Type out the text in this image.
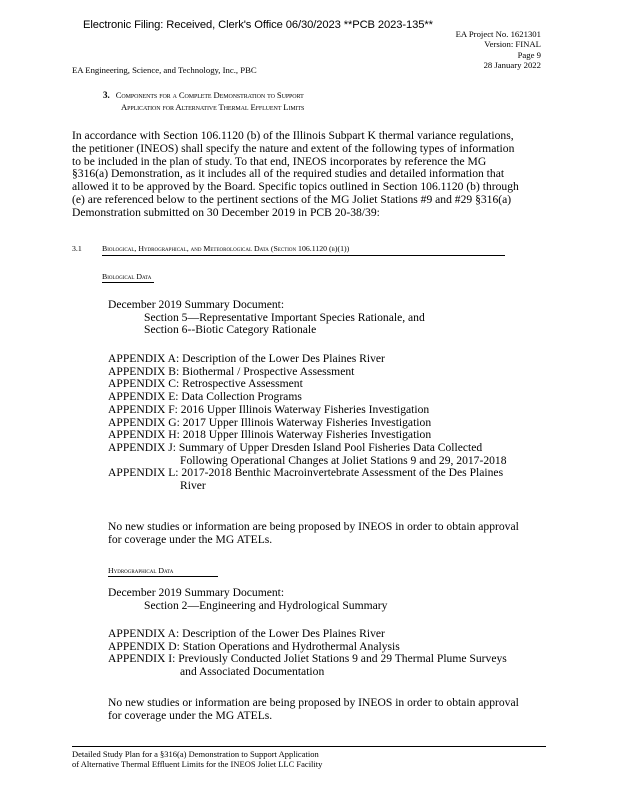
Electronic Filing: Received, Clerk's Office 06/30/2023 **PCB 2023-135**
EA Project No. 1621301
Version: FINAL
Page 9
28 January 2022
EA Engineering, Science, and Technology, Inc., PBC
3. Components for a Complete Demonstration to Support
Application for Alternative Thermal Effluent Limits
In accordance with Section 106.1120 (b) of the Illinois Subpart K thermal variance regulations,
the petitioner (INEOS) shall specify the nature and extent of the following types of information
to be included in the plan of study. To that end, INEOS incorporates by reference the MG
§316(a) Demonstration, as it includes all of the required studies and detailed information that
allowed it to be approved by the Board. Specific topics outlined in Section 106.1120 (b) through
(e) are referenced below to the pertinent sections of the MG Joliet Stations #9 and #29 §316(a)
Demonstration submitted on 30 December 2019 in PCB 20-38/39:
3.1	Biological, Hydrographical, and Meteorological Data (Section 106.1120 (b)(1))
Biological Data
December 2019 Summary Document:
Section 5—Representative Important Species Rationale, and
Section 6--Biotic Category Rationale
APPENDIX A: Description of the Lower Des Plaines River
APPENDIX B: Biothermal / Prospective Assessment
APPENDIX C: Retrospective Assessment
APPENDIX E: Data Collection Programs
APPENDIX F: 2016 Upper Illinois Waterway Fisheries Investigation
APPENDIX G: 2017 Upper Illinois Waterway Fisheries Investigation
APPENDIX H: 2018 Upper Illinois Waterway Fisheries Investigation
APPENDIX J: Summary of Upper Dresden Island Pool Fisheries Data Collected
Following Operational Changes at Joliet Stations 9 and 29, 2017-2018
APPENDIX L: 2017-2018 Benthic Macroinvertebrate Assessment of the Des Plaines
River
No new studies or information are being proposed by INEOS in order to obtain approval
for coverage under the MG ATELs.
Hydrographical Data
December 2019 Summary Document:
Section 2—Engineering and Hydrological Summary
APPENDIX A: Description of the Lower Des Plaines River
APPENDIX D: Station Operations and Hydrothermal Analysis
APPENDIX I: Previously Conducted Joliet Stations 9 and 29 Thermal Plume Surveys
and Associated Documentation
No new studies or information are being proposed by INEOS in order to obtain approval
for coverage under the MG ATELs.
Detailed Study Plan for a §316(a) Demonstration to Support Application
of Alternative Thermal Effluent Limits for the INEOS Joliet LLC Facility
